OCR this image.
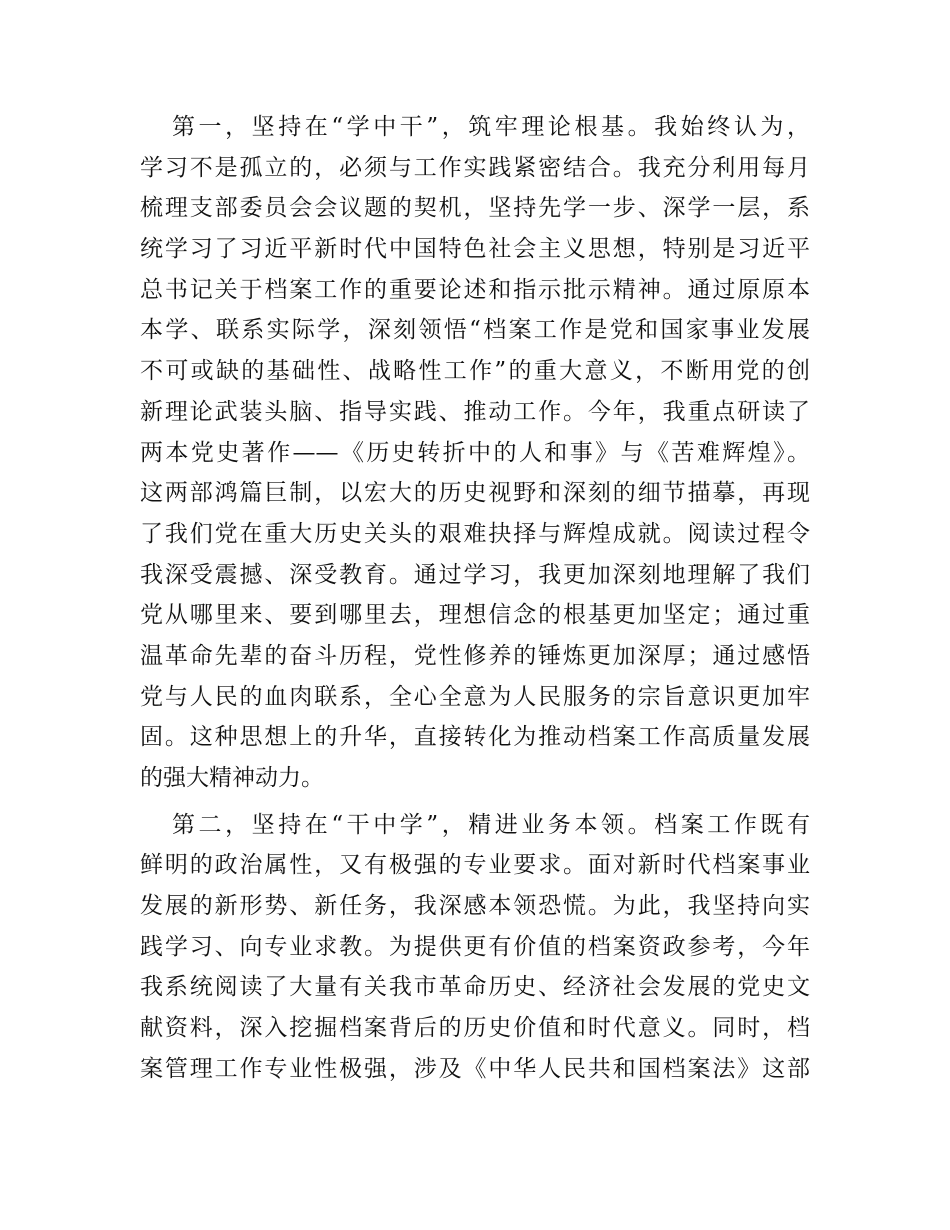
第一，坚持在“学中干”，筑牢理论根基。我始终认为，
学习不是孤立的，必须与工作实践紧密结合。我充分利用每月
梳理支部委员会会议题的契机，坚持先学一步、深学一层，系
统学习了习近平新时代中国特色社会主义思想，特别是习近平
总书记关于档案工作的重要论述和指示批示精神。通过原原本
本学、联系实际学，深刻领悟“档案工作是党和国家事业发展
不可或缺的基础性、战略性工作”的重大意义，不断用党的创
新理论武装头脑、指导实践、推动工作。今年，我重点研读了
两本党史著作——《历史转折中的人和事》与《苦难辉煌》。
这两部鸿篇巨制，以宏大的历史视野和深刻的细节描摹，再现
了我们党在重大历史关头的艰难抉择与辉煌成就。阅读过程令
我深受震撼、深受教育。通过学习，我更加深刻地理解了我们
党从哪里来、要到哪里去，理想信念的根基更加坚定；通过重
温革命先辈的奋斗历程，党性修养的锤炼更加深厚；通过感悟
党与人民的血肉联系，全心全意为人民服务的宗旨意识更加牢
固。这种思想上的升华，直接转化为推动档案工作高质量发展
的强大精神动力。
第二，坚持在“干中学”，精进业务本领。档案工作既有
鲜明的政治属性，又有极强的专业要求。面对新时代档案事业
发展的新形势、新任务，我深感本领恐慌。为此，我坚持向实
践学习、向专业求教。为提供更有价值的档案资政参考，今年
我系统阅读了大量有关我市革命历史、经济社会发展的党史文
献资料，深入挖掘档案背后的历史价值和时代意义。同时，档
案管理工作专业性极强，涉及《中华人民共和国档案法》这部
